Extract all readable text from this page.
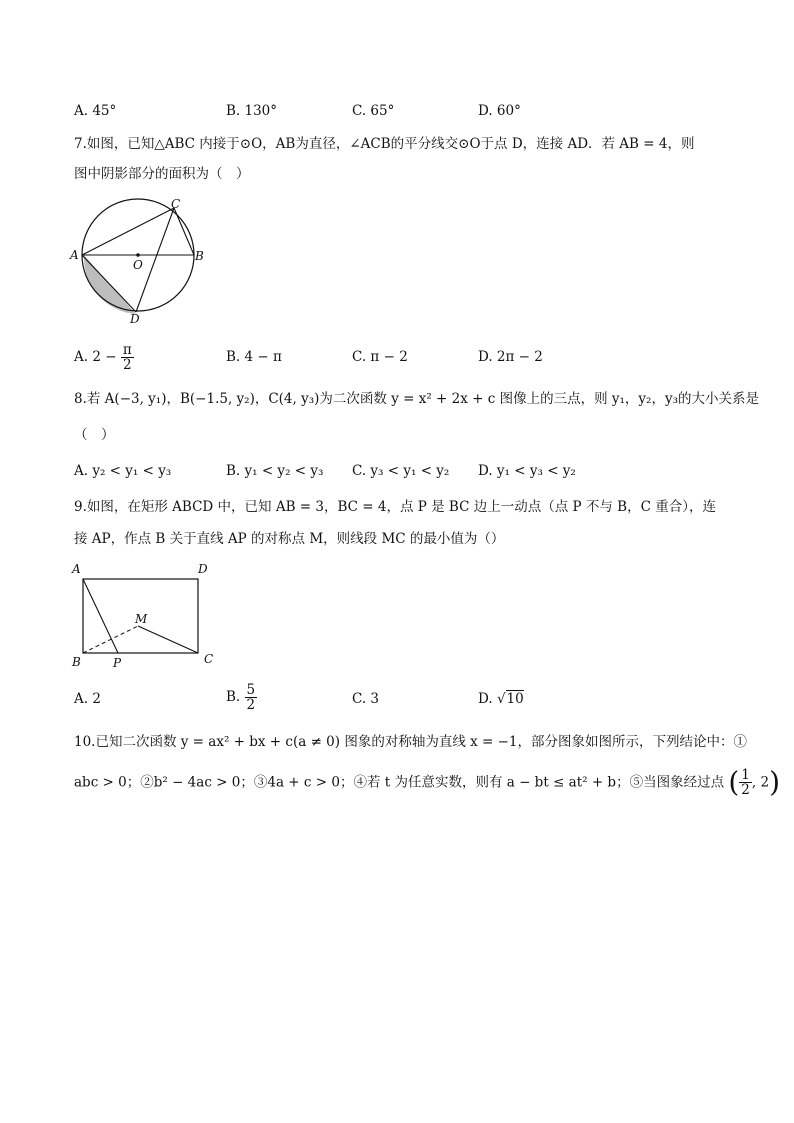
A. 45°	B. 130°	C. 65°	D. 60°
7.如图，已知△ABC 内接于⊙O，AB为直径，∠ACB的平分线交⊙O于点 D，连接 AD．若 AB = 4，则
图中阴影部分的面积为（　）
A	B
C
D
O
A. $2 - \frac{\pi}{2}$	B. 4 − π	C. π − 2	D. 2π − 2
8.若 A(−3, y₁)，B(−1.5, y₂)，C(4, y₃)为二次函数 y = x² + 2x + c 图像上的三点，则 y₁，y₂，y₃的大小关系是
（　）
A. y₂ < y₁ < y₃	B. y₁ < y₂ < y₃ C. y₃ < y₁ < y₂ D. y₁ < y₃ < y₂
9.如图，在矩形 ABCD 中，已知 AB = 3，BC = 4，点 P 是 BC 边上一动点（点 P 不与 B，C 重合），连
接 AP，作点 B 关于直线 AP 的对称点 M，则线段 MC 的最小值为（）
A	D
B	C
M
P
A. 2	B. $\frac{5}{2}$	C. 3	D. √10
10.已知二次函数 y = ax² + bx + c(a ≠ 0) 图象的对称轴为直线 x = −1，部分图象如图所示，下列结论中：①
abc > 0；②b² − 4ac > 0；③4a + c > 0；④若 t 为任意实数，则有 a − bt ≤ at² + b；⑤当图象经过点 ( $\frac{1}{2}$ , 2)
